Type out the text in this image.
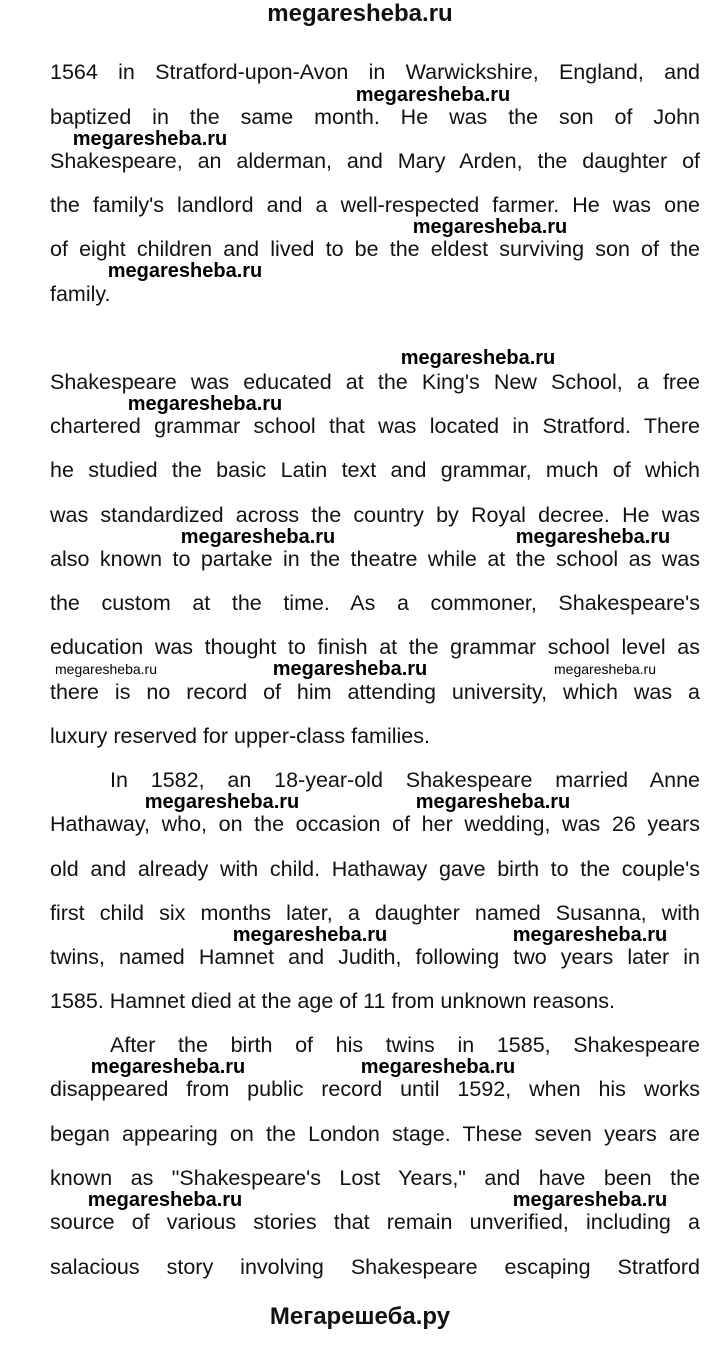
megaresheba.ru
1564 in Stratford-upon-Avon in Warwickshire, England, and
baptized in the same month. He was the son of John
Shakespeare, an alderman, and Mary Arden, the daughter of
the family's landlord and a well-respected farmer. He was one
of eight children and lived to be the eldest surviving son of the
family.
Shakespeare was educated at the King's New School, a free
chartered grammar school that was located in Stratford. There
he studied the basic Latin text and grammar, much of which
was standardized across the country by Royal decree. He was
also known to partake in the theatre while at the school as was
the custom at the time. As a commoner, Shakespeare's
education was thought to finish at the grammar school level as
there is no record of him attending university, which was a
luxury reserved for upper-class families.
In 1582, an 18-year-old Shakespeare married Anne
Hathaway, who, on the occasion of her wedding, was 26 years
old and already with child. Hathaway gave birth to the couple's
first child six months later, a daughter named Susanna, with
twins, named Hamnet and Judith, following two years later in
1585. Hamnet died at the age of 11 from unknown reasons.
After the birth of his twins in 1585, Shakespeare
disappeared from public record until 1592, when his works
began appearing on the London stage. These seven years are
known as "Shakespeare's Lost Years," and have been the
source of various stories that remain unverified, including a
salacious story involving Shakespeare escaping Stratford
megaresheba.ru
megaresheba.ru
megaresheba.ru
megaresheba.ru
megaresheba.ru
megaresheba.ru
megaresheba.ru	megaresheba.ru
megaresheba.ru
megaresheba.ru	megaresheba.ru
megaresheba.ru	megaresheba.ru
megaresheba.ru	megaresheba.ru
megaresheba.ru	megaresheba.ru
megaresheba.ru	megaresheba.ru
Мегарешеба.ру
